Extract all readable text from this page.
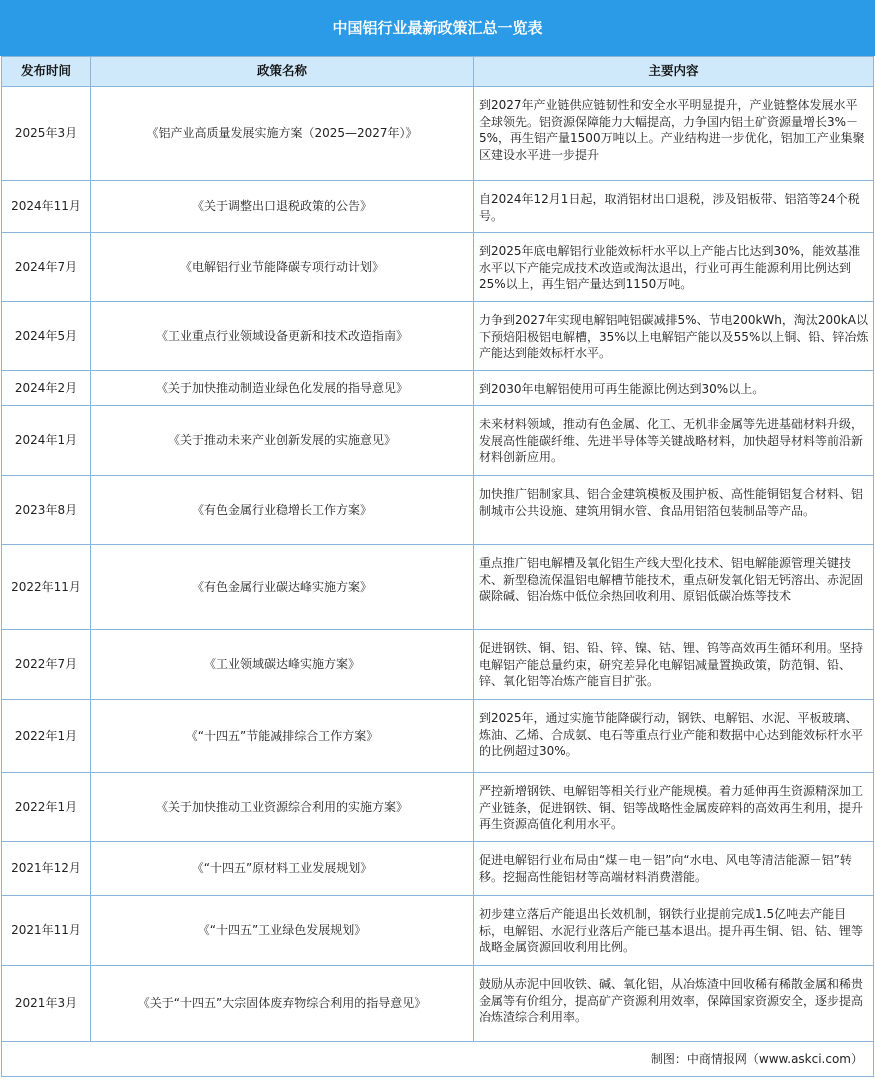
中国铝行业最新政策汇总一览表
发布时间	政策名称	主要内容
2025年3月	《铝产业高质量发展实施方案（2025—2027年）》	到2027年产业链供应链韧性和安全水平明显提升，产业链整体发展水平全球领先。铝资源保障能力大幅提高，力争国内铝土矿资源量增长3%－5%，再生铝产量1500万吨以上。产业结构进一步优化，铝加工产业集聚区建设水平进一步提升
2024年11月	《关于调整出口退税政策的公告》	自2024年12月1日起，取消铝材出口退税，涉及铝板带、铝箔等24个税号。
2024年7月	《电解铝行业节能降碳专项行动计划》	到2025年底电解铝行业能效标杆水平以上产能占比达到30%，能效基准水平以下产能完成技术改造或淘汰退出，行业可再生能源利用比例达到25%以上，再生铝产量达到1150万吨。
2024年5月	《工业重点行业领域设备更新和技术改造指南》	力争到2027年实现电解铝吨铝碳减排5%、节电200kWh，淘汰200kA以下预焙阳极铝电解槽，35%以上电解铝产能以及55%以上铜、铅、锌冶炼产能达到能效标杆水平。
2024年2月	《关于加快推动制造业绿色化发展的指导意见》	到2030年电解铝使用可再生能源比例达到30%以上。
2024年1月	《关于推动未来产业创新发展的实施意见》	未来材料领域，推动有色金属、化工、无机非金属等先进基础材料升级，发展高性能碳纤维、先进半导体等关键战略材料，加快超导材料等前沿新材料创新应用。
2023年8月	《有色金属行业稳增长工作方案》	加快推广铝制家具、铝合金建筑模板及围护板、高性能铜铝复合材料、铝制城市公共设施、建筑用铜水管、食品用铝箔包装制品等产品。
2022年11月	《有色金属行业碳达峰实施方案》	重点推广铝电解槽及氧化铝生产线大型化技术、铝电解能源管理关键技术、新型稳流保温铝电解槽节能技术，重点研发氧化铝无钙溶出、赤泥固碳除碱、铝冶炼中低位余热回收利用、原铝低碳冶炼等技术
2022年7月	《工业领域碳达峰实施方案》	促进钢铁、铜、铝、铅、锌、镍、钴、锂、钨等高效再生循环利用。坚持电解铝产能总量约束，研究差异化电解铝减量置换政策，防范铜、铅、锌、氧化铝等冶炼产能盲目扩张。
2022年1月	《“十四五”节能减排综合工作方案》	到2025年，通过实施节能降碳行动，钢铁、电解铝、水泥、平板玻璃、炼油、乙烯、合成氨、电石等重点行业产能和数据中心达到能效标杆水平的比例超过30%。
2022年1月	《关于加快推动工业资源综合利用的实施方案》	严控新增钢铁、电解铝等相关行业产能规模。着力延伸再生资源精深加工产业链条，促进钢铁、铜、铝等战略性金属废碎料的高效再生利用，提升再生资源高值化利用水平。
2021年12月	《“十四五”原材料工业发展规划》	促进电解铝行业布局由“煤－电－铝”向“水电、风电等清洁能源－铝”转移。挖掘高性能铝材等高端材料消费潜能。
2021年11月	《“十四五”工业绿色发展规划》	初步建立落后产能退出长效机制，钢铁行业提前完成1.5亿吨去产能目标，电解铝、水泥行业落后产能已基本退出。提升再生铜、铝、钴、锂等战略金属资源回收利用比例。
2021年3月	《关于“十四五”大宗固体废弃物综合利用的指导意见》	鼓励从赤泥中回收铁、碱、氧化铝，从冶炼渣中回收稀有稀散金属和稀贵金属等有价组分，提高矿产资源利用效率，保障国家资源安全，逐步提高冶炼渣综合利用率。
制图：中商情报网（www.askci.com）
